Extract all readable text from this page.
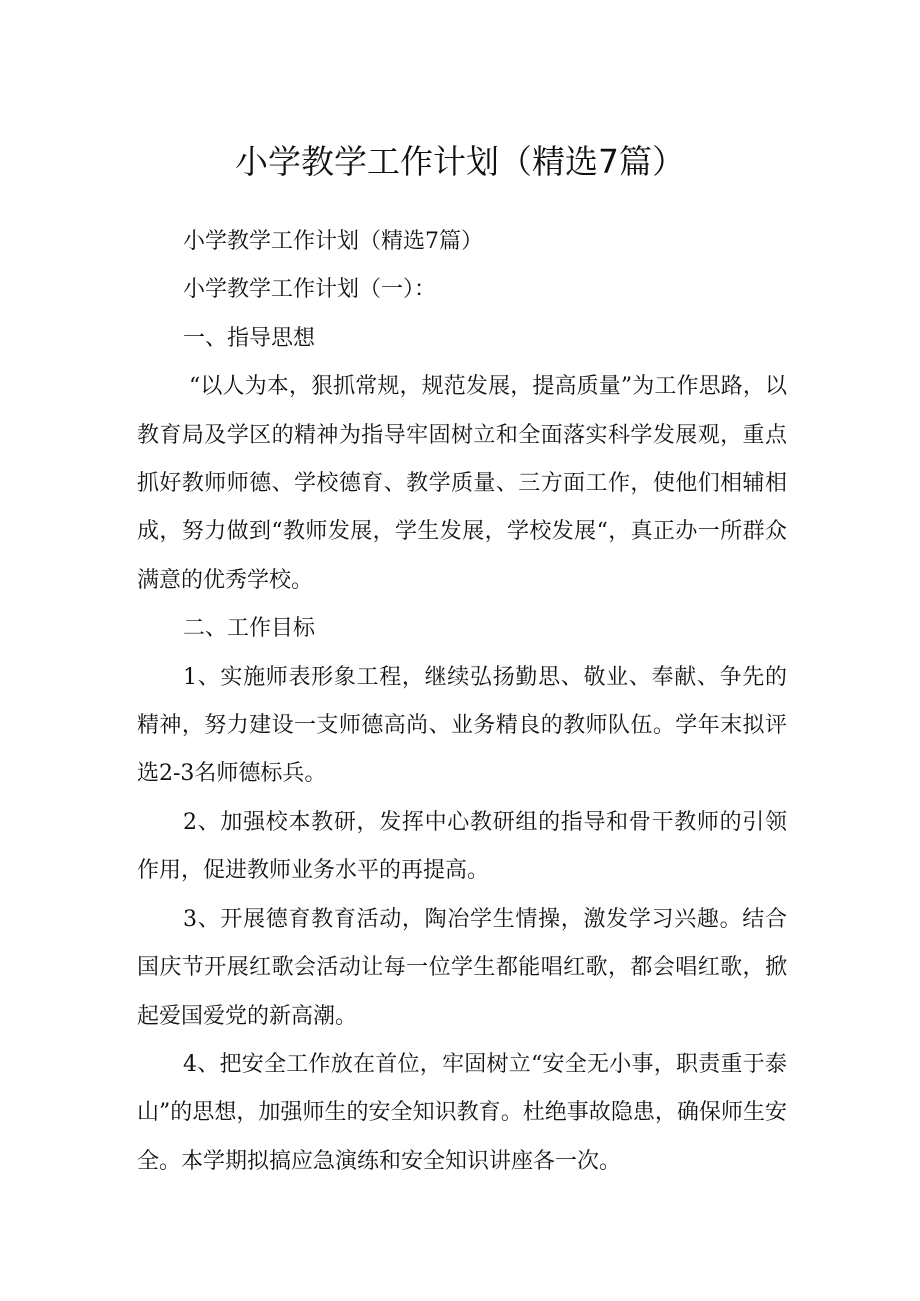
小学教学工作计划（精选7篇）

小学教学工作计划（精选7篇）

小学教学工作计划（一）：

一、指导思想

“以人为本，狠抓常规，规范发展，提高质量”为工作思路，以教育局及学区的精神为指导牢固树立和全面落实科学发展观，重点抓好教师师德、学校德育、教学质量、三方面工作，使他们相辅相成，努力做到“教师发展，学生发展，学校发展“，真正办一所群众满意的优秀学校。

二、工作目标

1、实施师表形象工程，继续弘扬勤思、敬业、奉献、争先的精神，努力建设一支师德高尚、业务精良的教师队伍。学年末拟评选2-3名师德标兵。

2、加强校本教研，发挥中心教研组的指导和骨干教师的引领作用，促进教师业务水平的再提高。

3、开展德育教育活动，陶冶学生情操，激发学习兴趣。结合国庆节开展红歌会活动让每一位学生都能唱红歌，都会唱红歌，掀起爱国爱党的新高潮。

4、把安全工作放在首位，牢固树立“安全无小事，职责重于泰山”的思想，加强师生的安全知识教育。杜绝事故隐患，确保师生安全。本学期拟搞应急演练和安全知识讲座各一次。
